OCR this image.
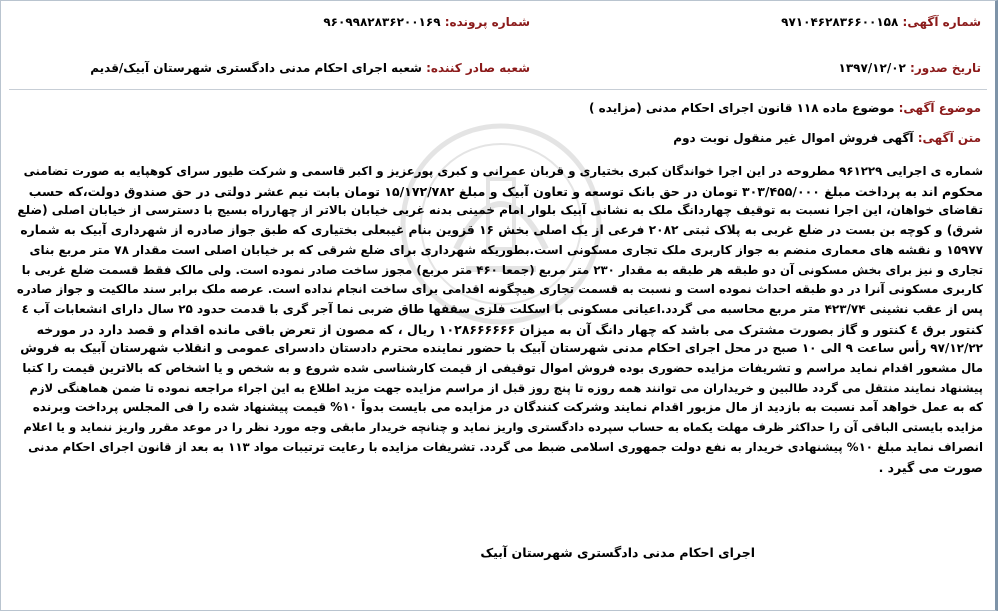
شماره آگهی: ۹۷۱۰۴۶۲۸۳۶۶۰۰۱۵۸
شماره پرونده: ۹۶۰۹۹۸۲۸۳۶۲۰۰۱۶۹
تاریخ صدور: ۱۳۹۷/۱۲/۰۲
شعبه صادر کننده: شعبه اجرای احکام مدنی دادگستری شهرستان آبیک/قدیم
موضوع آگهی: موضوع ماده ۱۱۸ قانون اجرای احکام مدنی (مزایده )
متن آگهی: آگهی فروش اموال غیر منقول نوبت دوم
شماره ی اجرایی ۹۶۱۲۲۹ مطروحه در این اجرا خواندگان کبری بختیاری و قربان عمرانی و کبری پورعزیز و اکبر قاسمی و شرکت طیور سرای کوهپایه به صورت تضامنی
محکوم اند به پرداخت مبلغ ۳۰۳/۴۵۵/۰۰۰ تومان در حق بانک توسعه و تعاون آبیک و مبلغ ۱۵/۱۷۲/۷۸۲ تومان بابت نیم عشر دولتی در حق صندوق دولت،که حسب
تقاضای خواهان، این اجرا نسبت به توقیف چهاردانگ ملک به نشانی آبیک بلوار امام خمینی بدنه غربی خیابان بالاتر از چهارراه بسیج با دسترسی از خیابان اصلی (ضلع
شرق) و کوچه بن بست در ضلع غربی به پلاک ثبتی ۲۰۸۲ فرعی از یک اصلی بخش ۱۶ قزوین بنام غیبعلی بختیاری که طبق جواز صادره از شهرداری آبیک به شماره
۱۵۹۷۷ و نقشه های معماری منضم به جواز کاربری ملک تجاری مسکونی است.بطوریکه شهرداری برای ضلع شرقی که بر خیابان اصلی است مقدار ۷۸ متر مربع بنای
تجاری و نیز برای بخش مسکونی آن دو طبقه هر طبقه به مقدار ۲۳۰ متر مربع (جمعا ۴۶۰ متر مربع) مجوز ساخت صادر نموده است. ولی مالک فقط قسمت ضلع غربی با
کاربری مسکونی آنرا در دو طبقه احداث نموده است و نسبت به قسمت تجاری هیچگونه اقدامی برای ساخت انجام نداده است. عرصه ملک برابر سند مالکیت و جواز صادره
پس از عقب نشینی ۴۲۳/۷۴ متر مربع محاسبه می گردد.اعیانی مسکونی با اسکلت فلزی سقفها طاق ضربی نما آجر گری با قدمت حدود ۲۵ سال دارای انشعابات آب ٤
کنتور برق ٤ کنتور و گاز بصورت مشترک می باشد که چهار دانگ آن به میزان ۱۰۲۸۶۶۶۶۶۶ ریال ، که مصون از تعرض باقی مانده اقدام و قصد دارد در مورخه
۹۷/۱۲/۲۲ رأس ساعت ۹ الی ۱۰ صبح در محل اجرای احکام مدنی شهرستان آبیک با حضور نماینده محترم دادستان دادسرای عمومی و انقلاب شهرستان آبیک به فروش
مال مشعور اقدام نماید مراسم و تشریفات مزایده حضوری بوده فروش اموال توقیفی از قیمت کارشناسی شده شروع و به شخص و یا اشخاص که بالاترین قیمت را کتبا
پیشنهاد نمایند منتقل می گردد طالبین و خریداران می توانند همه روزه تا پنج روز قبل از مراسم مزایده جهت مزید اطلاع به این اجراء مراجعه نموده تا ضمن هماهنگی لازم
که به عمل خواهد آمد نسبت به بازدید از مال مزبور اقدام نمایند وشرکت کنندگان در مزایده می بایست بدواً ۱۰% قیمت پیشنهاد شده را فی المجلس پرداخت وبرنده
مزایده بایستی الباقی آن را حداکثر ظرف مهلت یکماه به حساب سپرده دادگستری واریز نماید و چنانچه خریدار مابقی وجه مورد نظر را در موعد مقرر واریز ننماید و یا اعلام
انصراف نماید مبلغ ۱۰% پیشنهادی خریدار به نفع دولت جمهوری اسلامی ضبط می گردد. تشریفات مزایده با رعایت ترتیبات مواد ۱۱۳ به بعد از قانون اجرای احکام مدنی
صورت می گیرد .
اجرای احکام مدنی دادگستری شهرستان آبیک
